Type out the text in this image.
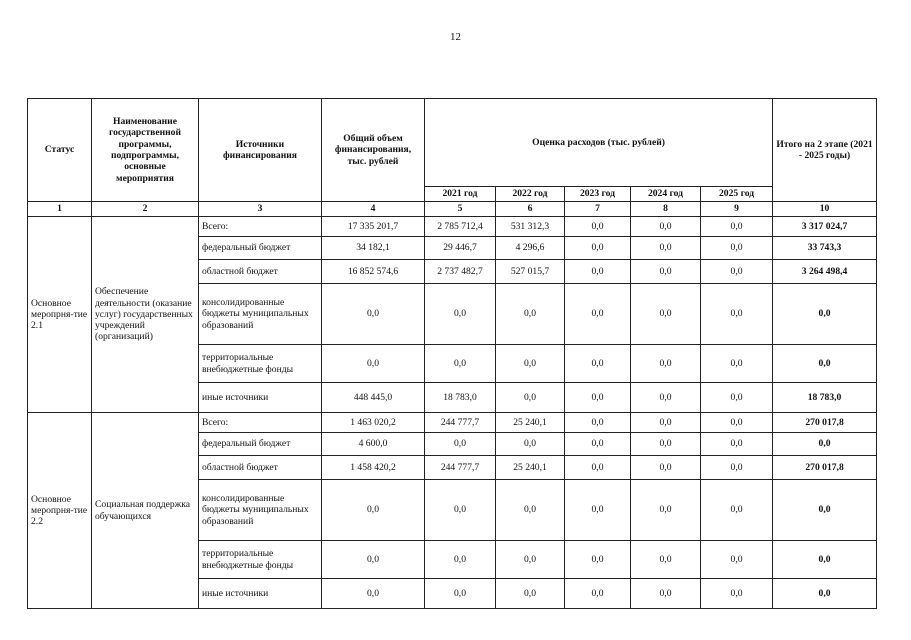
12
Статус	Наименование государственной программы, подпрограммы, основные мероприятия	Источники финансирования	Общий объем финансирования, тыс. рублей	Оценка расходов (тыс. рублей)					Итого на 2 этапе (2021 - 2025 годы)
				2021 год	2022 год	2023 год	2024 год	2025 год	
1	2	3	4	5	6	7	8	9	10
Основное меропрня-тие 2.1	Обеспечение деятельности (оказание услуг) государственных учреждений (организаций)	Всего:	17 335 201,7	2 785 712,4	531 312,3	0,0	0,0	0,0	3 317 024,7
		федеральный бюджет	34 182,1	29 446,7	4 296,6	0,0	0,0	0,0	33 743,3
		областной бюджет	16 852 574,6	2 737 482,7	527 015,7	0,0	0,0	0,0	3 264 498,4
		консолидированные бюджеты муниципальных образований	0,0	0,0	0,0	0,0	0,0	0,0	0,0
		территориальные внебюджетные фонды	0,0	0,0	0,0	0,0	0,0	0,0	0,0
		иные источники	448 445,0	18 783,0	0,0	0,0	0,0	0,0	18 783,0
Основное меропрня-тие 2.2	Социальная поддержка обучающихся	Всего:	1 463 020,2	244 777,7	25 240,1	0,0	0,0	0,0	270 017,8
		федеральный бюджет	4 600,0	0,0	0,0	0,0	0,0	0,0	0,0
		областной бюджет	1 458 420,2	244 777,7	25 240,1	0,0	0,0	0,0	270 017,8
		консолидированные бюджеты муниципальных образований	0,0	0,0	0,0	0,0	0,0	0,0	0,0
		территориальные внебюджетные фонды	0,0	0,0	0,0	0,0	0,0	0,0	0,0
		иные источники	0,0	0,0	0,0	0,0	0,0	0,0	0,0
